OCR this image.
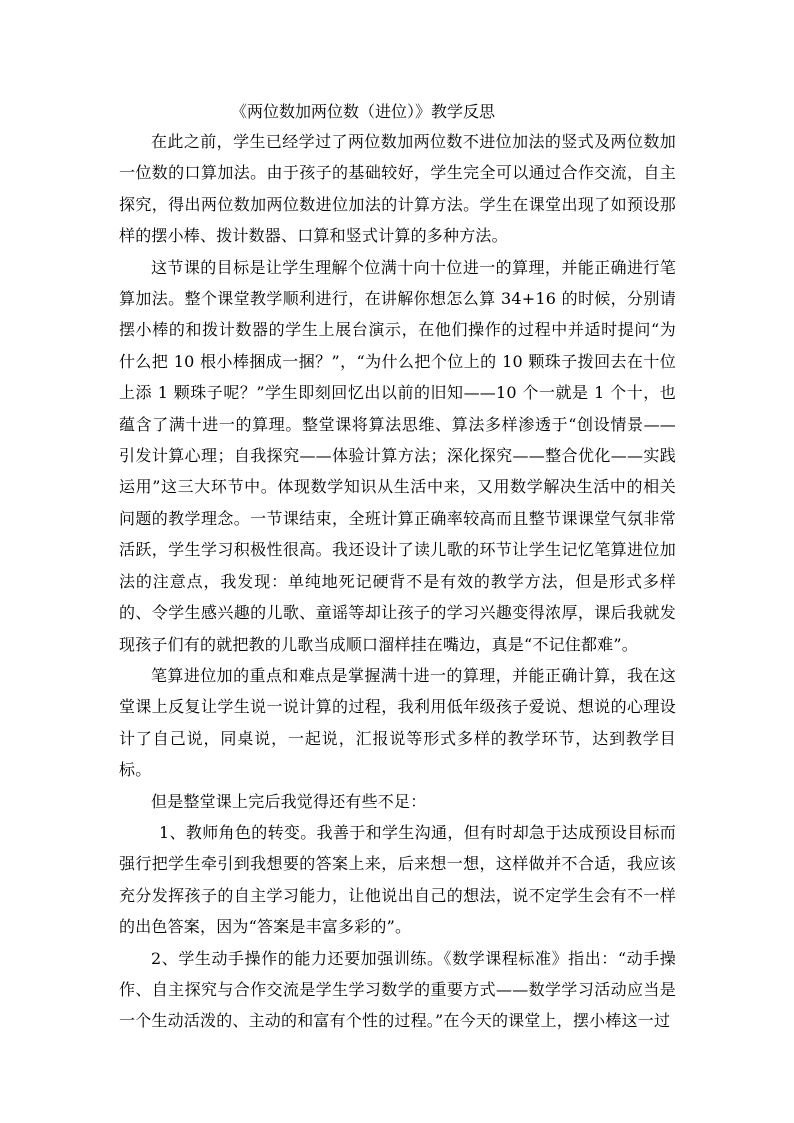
《两位数加两位数（进位）》教学反思

在此之前，学生已经学过了两位数加两位数不进位加法的竖式及两位数加一位数的口算加法。由于孩子的基础较好，学生完全可以通过合作交流，自主探究，得出两位数加两位数进位加法的计算方法。学生在课堂出现了如预设那样的摆小棒、拨计数器、口算和竖式计算的多种方法。

这节课的目标是让学生理解个位满十向十位进一的算理，并能正确进行笔算加法。整个课堂教学顺利进行，在讲解你想怎么算 34+16 的时候，分别请摆小棒的和拨计数器的学生上展台演示，在他们操作的过程中并适时提问“为什么把 10 根小棒捆成一捆？”，“为什么把个位上的 10 颗珠子拨回去在十位上添 1 颗珠子呢？”学生即刻回忆出以前的旧知——10 个一就是 1 个十，也蕴含了满十进一的算理。整堂课将算法思维、算法多样渗透于“创设情景——引发计算心理；自我探究——体验计算方法；深化探究——整合优化——实践运用”这三大环节中。体现数学知识从生活中来，又用数学解决生活中的相关问题的教学理念。一节课结束，全班计算正确率较高而且整节课课堂气氛非常活跃，学生学习积极性很高。我还设计了读儿歌的环节让学生记忆笔算进位加法的注意点，我发现：单纯地死记硬背不是有效的教学方法，但是形式多样的、令学生感兴趣的儿歌、童谣等却让孩子的学习兴趣变得浓厚，课后我就发现孩子们有的就把教的儿歌当成顺口溜样挂在嘴边，真是“不记住都难”。

笔算进位加的重点和难点是掌握满十进一的算理，并能正确计算，我在这堂课上反复让学生说一说计算的过程，我利用低年级孩子爱说、想说的心理设计了自己说，同桌说，一起说，汇报说等形式多样的教学环节，达到教学目标。

但是整堂课上完后我觉得还有些不足：

1、教师角色的转变。我善于和学生沟通，但有时却急于达成预设目标而强行把学生牵引到我想要的答案上来，后来想一想，这样做并不合适，我应该充分发挥孩子的自主学习能力，让他说出自己的想法，说不定学生会有不一样的出色答案，因为“答案是丰富多彩的”。

2、学生动手操作的能力还要加强训练。《数学课程标准》指出：“动手操作、自主探究与合作交流是学生学习数学的重要方式——数学学习活动应当是一个生动活泼的、主动的和富有个性的过程。”在今天的课堂上，摆小棒这一过
